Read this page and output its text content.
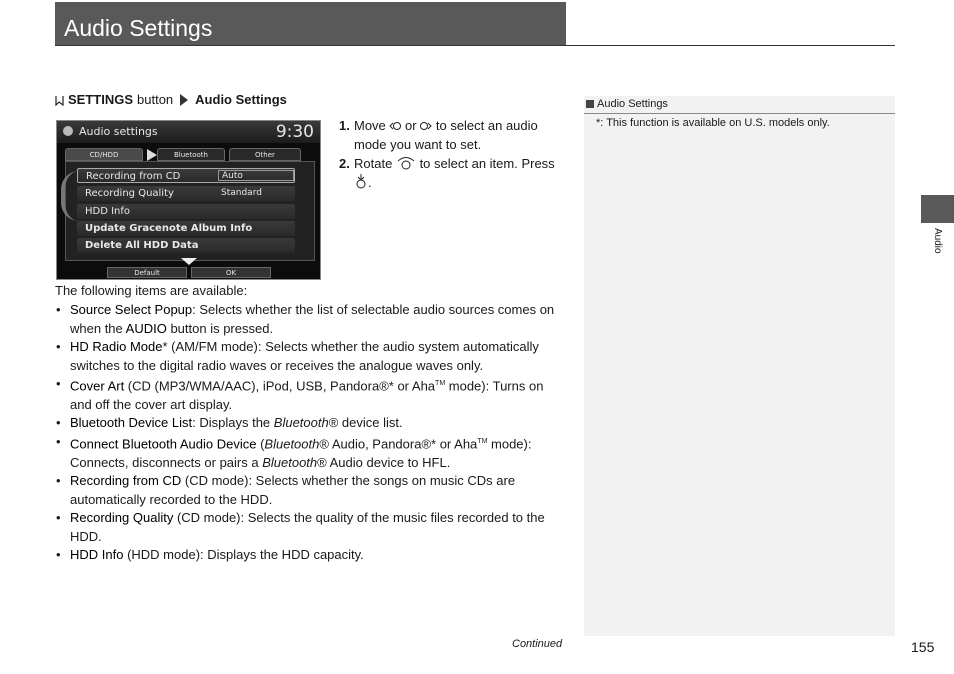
Audio Settings
SETTINGS button Audio Settings
Audio settings	9:30
CD/HDD	Bluetooth	Other
Recording from CD	Auto
Recording Quality	Standard
HDD Info
Update Gracenote Album Info
Delete All HDD Data
Default	OK
1. Move or to select an audio mode you want to set.
2. Rotate to select an item. Press .
The following items are available:
• Source Select Popup: Selects whether the list of selectable audio sources comes on when the AUDIO button is pressed.
• HD Radio Mode* (AM/FM mode): Selects whether the audio system automatically switches to the digital radio waves or receives the analogue waves only.
• Cover Art (CD (MP3/WMA/AAC), iPod, USB, Pandora®* or Aha™ mode): Turns on and off the cover art display.
• Bluetooth Device List: Displays the Bluetooth® device list.
• Connect Bluetooth Audio Device (Bluetooth® Audio, Pandora®* or Aha™ mode): Connects, disconnects or pairs a Bluetooth® Audio device to HFL.
• Recording from CD (CD mode): Selects whether the songs on music CDs are automatically recorded to the HDD.
• Recording Quality (CD mode): Selects the quality of the music files recorded to the HDD.
• HDD Info (HDD mode): Displays the HDD capacity.
Audio Settings
*: This function is available on U.S. models only.
Audio
Continued	155
